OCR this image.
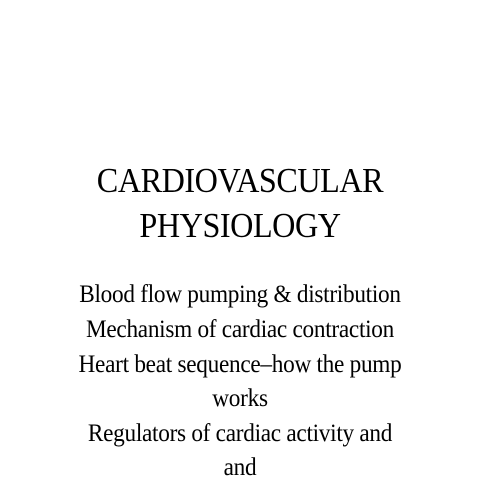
CARDIOVASCULAR
PHYSIOLOGY
Blood flow pumping & distribution
Mechanism of cardiac contraction
Heart beat sequence–how the pump
works
Regulators of cardiac activity and
and
